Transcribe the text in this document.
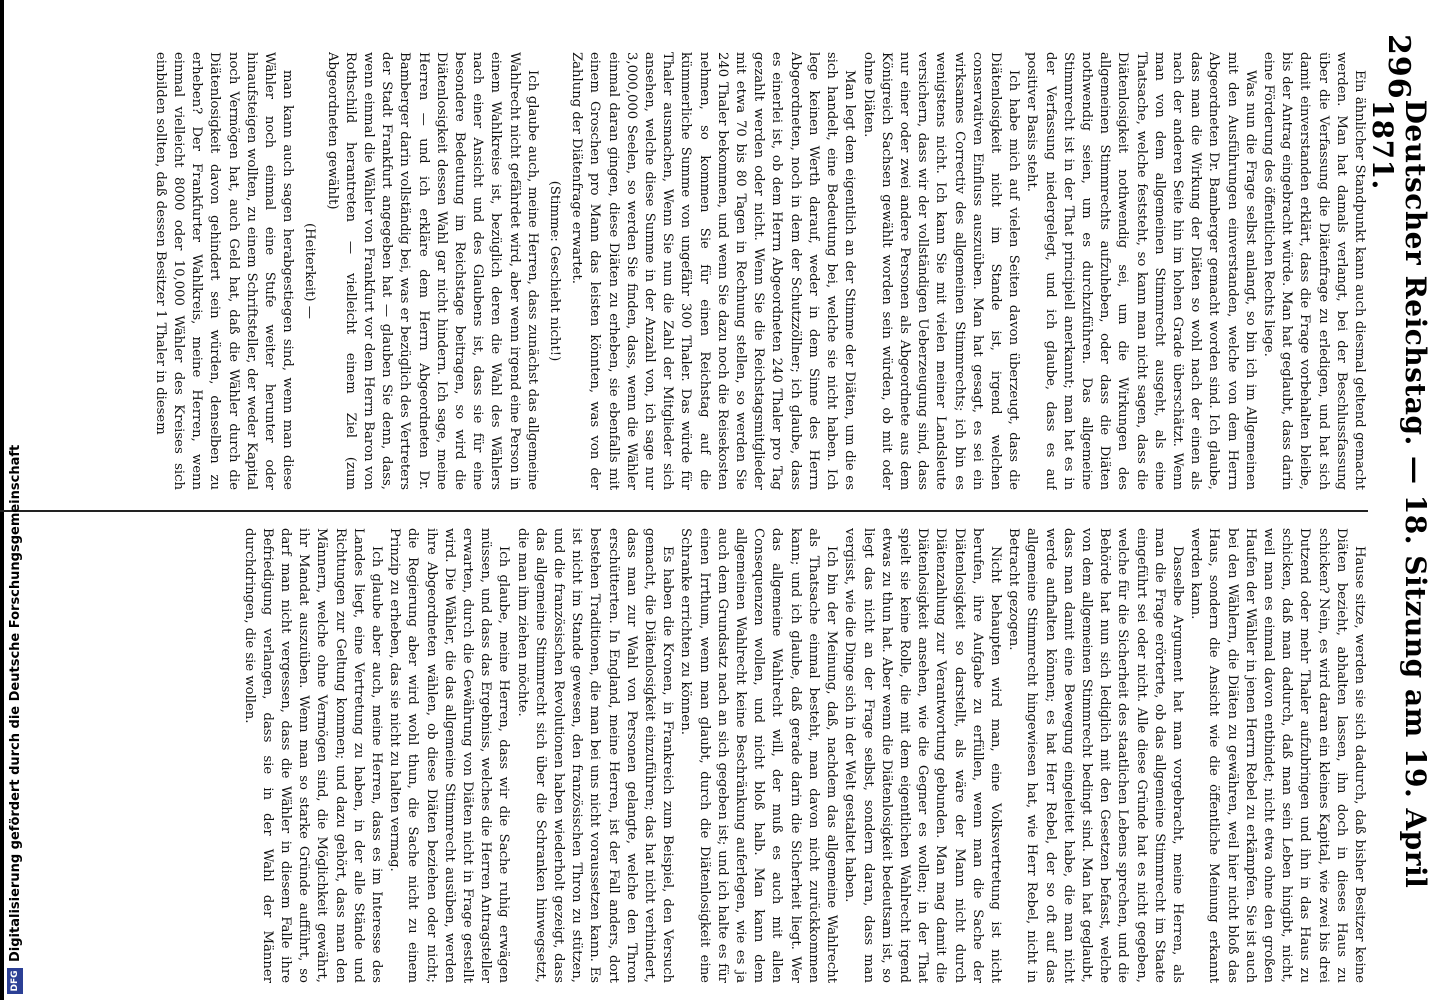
296
Deutscher Reichstag. — 18. Sitzung am 19. April 1871.

Ein ähnlicher Standpunkt kann auch diesmal geltend gemacht werden. Man hat damals verlangt, bei der Beschlussfassung über die Verfassung die Diätenfrage zu erledigen, und hat sich damit einverstanden erklärt, dass die Frage vorbehalten bleibe, bis der Antrag eingebracht würde. Man hat geglaubt, dass darin eine Förderung des öffentlichen Rechts liege.

Was nun die Frage selbst anlangt, so bin ich im Allgemeinen mit den Ausführungen einverstanden, welche von dem Herrn Abgeordneten Dr. Bamberger gemacht worden sind. Ich glaube, dass man die Wirkung der Diäten so wohl nach der einen als nach der anderen Seite hin im hohen Grade überschätzt. Wenn man von dem allgemeinen Stimmrecht ausgeht, als eine Thatsache, welche feststeht, so kann man nicht sagen, dass die Diätenlosigkeit nothwendig sei, um die Wirkungen des allgemeinen Stimmrechts aufzuheben, oder dass die Diäten nothwendig seien, um es durchzuführen. Das allgemeine Stimmrecht ist in der That principiell anerkannt; man hat es in der Verfassung niedergelegt, und ich glaube, dass es auf positiver Basis steht.

Ich habe mich auf vielen Seiten davon überzeugt, dass die Diätenlosigkeit nicht im Stande ist, irgend welchen conservativen Einfluss auszuüben. Man hat gesagt, es sei ein wirksames Correctiv des allgemeinen Stimmrechts; ich bin es wenigstens nicht. Ich kann Sie mit vielen meiner Landsleute versichern, dass wir der vollständigen Ueberzeugung sind, dass nur einer oder zwei andere Personen als Abgeordnete aus dem Königreich Sachsen gewählt worden sein würden, ob mit oder ohne Diäten.

Man legt dem eigentlich an der Stimme der Diäten, um die es sich handelt, eine Bedeutung bei, welche sie nicht haben. Ich lege keinen Werth darauf, weder in dem Sinne des Herrn Abgeordneten, noch in dem der Schutzzöllner; ich glaube, dass es einerlei ist, ob dem Herrn Abgeordneten 240 Thaler pro Tag gezahlt werden oder nicht. Wenn Sie die Reichstagsmitglieder mit etwa 70 bis 80 Tagen in Rechnung stellen, so werden Sie 240 Thaler bekommen, und wenn Sie dazu noch die Reisekosten nehmen, so kommen Sie für einen Reichstag auf die kümmerliche Summe von ungefähr 300 Thaler. Das würde für Thaler ausmachen, Wenn Sie nun die Zahl der Mitglieder sich ansehen, welche diese Summe in der Anzahl von, ich sage nur 3,000,000 Seelen, so werden Sie finden, dass, wenn die Wähler einmal daran gingen, diese Diäten zu erheben, sie ebenfalls mit einem Groschen pro Mann das leisten könnten, was von der Zahlung der Diätenfrage erwartet.

(Stimme: Geschieht nicht!)

Ich glaube auch, meine Herren, dass zunächst das allgemeine Wahlrecht nicht gefährdet wird, aber wenn irgend eine Person in einem Wahlkreise ist, bezüglich deren die Wahl des Wählers nach einer Ansicht und des Glaubens ist, dass sie für eine besondere Bedeutung im Reichstage beitragen, so wird die Diätenlosigkeit dessen Wahl gar nicht hindern. Ich sage, meine Herren — und ich erkläre dem Herrn Abgeordneten Dr. Bamberger darin vollständig bei, was er bezüglich des Vertreters der Stadt Frankfurt angegeben hat — glauben Sie denn, dass, wenn einmal die Wähler von Frankfurt vor dem Herrn Baron von Rothschild herantreten — vielleicht einem Ziel (zum Abgeordneten gewählt)

(Heiterkeit) —

man kann auch sagen herabgestiegen sind, wenn man diese Wähler noch einmal eine Stufe weiter herunter oder hinaufsteigen wollten, zu einem Schriftsteller, der weder Kapital noch Vermögen hat, auch Geld hat, daß die Wähler durch die Diätenlosigkeit davon gehindert sein würden, denselben zu erheben? Der Frankfurter Wahlkreis, meine Herren, wenn einmal vielleicht 8000 oder 10,000 Wähler des Kreises sich einbilden sollten, daß dessen Besitzer 1 Thaler in diesem

Hause sitze, werden sie sich dadurch, daß bisher Besitzer keine Diäten bezieht, abhalten lassen, ihn doch in dieses Haus zu schicken? Nein, es wird daran ein kleines Kapital, wie zwei bis drei Dutzend oder mehr Thaler aufzubringen und ihn in das Haus zu schicken, daß man dadurch, daß man sein Leben hingibt, nicht, weil man es einmal davon entbindet; nicht etwa ohne den großen Haufen der Wähler in jenen Herrn Rebel zu erkämpfen. Sie ist auch bei den Wählern, die Diäten zu gewähren, weil hier nicht bloß das Haus, sondern die Ansicht wie die öffentliche Meinung erkannt werden kann.

Dasselbe Argument hat man vorgebracht, meine Herren, als man die Frage erörterte, ob das allgemeine Stimmrecht im Staate eingeführt sei oder nicht. Alle diese Gründe hat es nicht gegeben, welche für die Sicherheit des staatlichen Lebens sprechen, und die Behörde hat nun sich lediglich mit den Gesetzen befasst, welche von dem allgemeinen Stimmrecht bedingt sind. Man hat geglaubt, dass man damit eine Bewegung eingeleitet habe, die man nicht werde aufhalten können; es hat Herr Rebel, der so oft auf das allgemeine Stimmrecht hingewiesen hat, wie Herr Rebel, nicht in Betracht gezogen.

Nicht behaupten wird man, eine Volksvertretung ist nicht berufen, ihre Aufgabe zu erfüllen, wenn man die Sache der Diätenlosigkeit so darstellt, als wäre der Mann nicht durch Diätenzahlung zur Verantwortung gebunden. Man mag damit die Diätenlosigkeit ansehen, wie die Gegner es wollen; in der That spielt sie keine Rolle, die mit dem eigentlichen Wahlrecht irgend etwas zu thun hat. Aber wenn die Diätenlosigkeit bedeutsam ist, so liegt das nicht an der Frage selbst, sondern daran, dass man vergisst, wie die Dinge sich in der Welt gestaltet haben.

Ich bin der Meinung, daß, nachdem das allgemeine Wahlrecht als Thatsache einmal besteht, man davon nicht zurückkommen kann; und ich glaube, daß gerade darin die Sicherheit liegt. Wer das allgemeine Wahlrecht will, der muß es auch mit allen Consequenzen wollen, und nicht bloß halb. Man kann dem allgemeinen Wahlrecht keine Beschränkung auferlegen, wie es ja auch dem Grundsatz nach an sich gegeben ist; und ich halte es für einen Irrthum, wenn man glaubt, durch die Diätenlosigkeit eine Schranke errichten zu können.

Es haben die Kronen, in Frankreich zum Beispiel, den Versuch gemacht, die Diätenlosigkeit einzuführen; das hat nicht verhindert, dass man zur Wahl von Personen gelangte, welche den Thron erschütterten. In England, meine Herren, ist der Fall anders, dort bestehen Traditionen, die man bei uns nicht voraussetzen kann. Es ist nicht im Stande gewesen, den französischen Thron zu stützen, und die französischen Revolutionen haben wiederholt gezeigt, dass das allgemeine Stimmrecht sich über die Schranken hinwegsetzt, die man ihm ziehen möchte.

Ich glaube, meine Herren, dass wir die Sache ruhig erwägen müssen, und dass das Ergebniss, welches die Herren Antragsteller erwarten, durch die Gewährung von Diäten nicht in Frage gestellt wird. Die Wähler, die das allgemeine Stimmrecht ausüben, werden ihre Abgeordneten wählen, ob diese Diäten beziehen oder nicht; die Regierung aber wird wohl thun, die Sache nicht zu einem Prinzip zu erheben, das sie nicht zu halten vermag.

Ich glaube aber auch, meine Herren, dass es im Interesse des Landes liegt, eine Vertretung zu haben, in der alle Stände und Richtungen zur Geltung kommen; und dazu gehört, dass man den Männern, welche ohne Vermögen sind, die Möglichkeit gewährt, ihr Mandat auszuüben. Wenn man so starke Gründe aufführt, so darf man nicht vergessen, dass die Wähler in diesem Falle ihre Befriedigung verlangen, dass sie in der Wahl der Männer durchdringen, die sie wollen.

DFG
Digitalisierung gefördert durch die Deutsche Forschungsgemeinschaft
